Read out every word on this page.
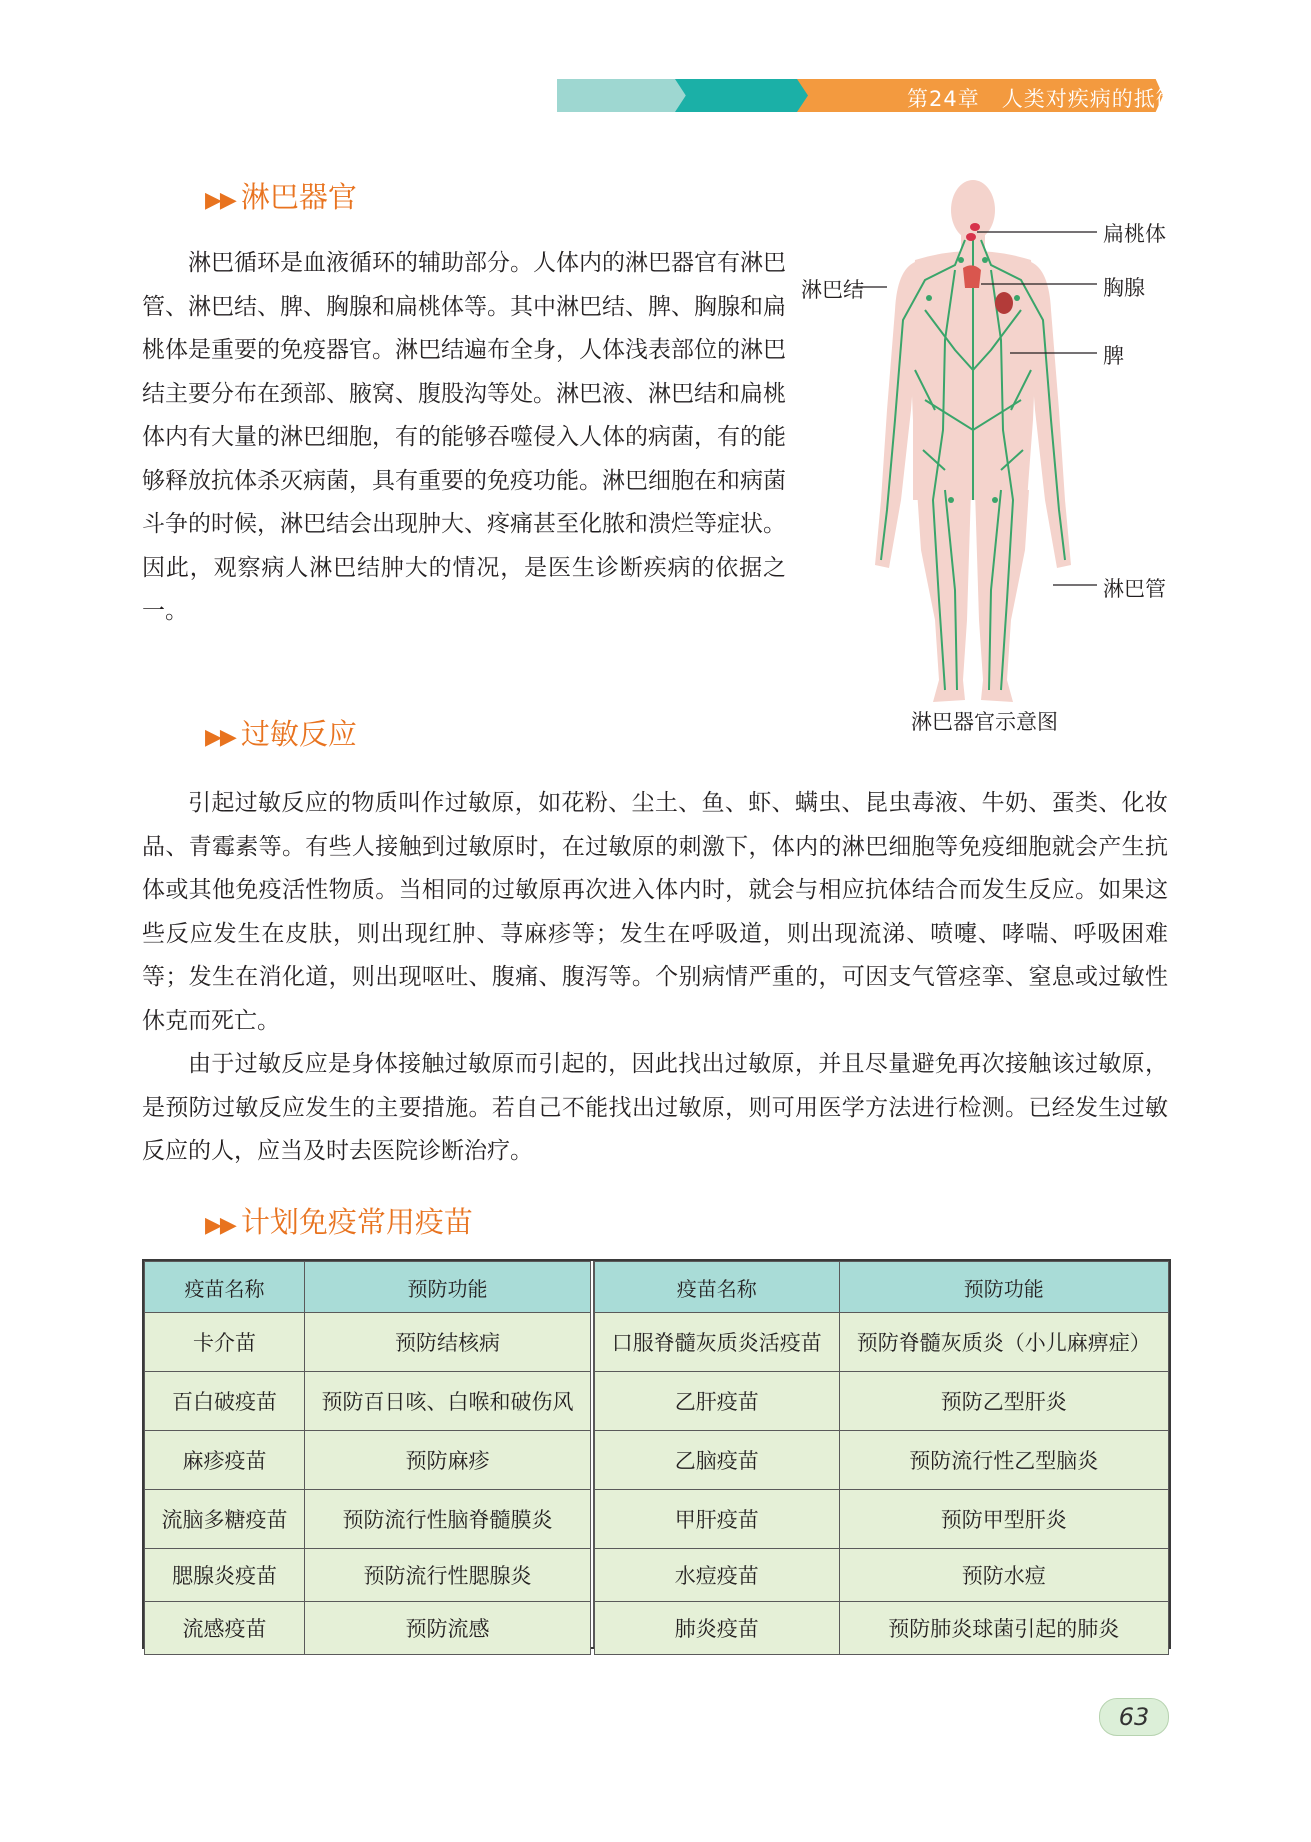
第24章　人类对疾病的抵御
▶▶ 淋巴器官

淋巴循环是血液循环的辅助部分。人体内的淋巴器官有淋巴管、淋巴结、脾、胸腺和扁桃体等。其中淋巴结、脾、胸腺和扁桃体是重要的免疫器官。淋巴结遍布全身，人体浅表部位的淋巴结主要分布在颈部、腋窝、腹股沟等处。淋巴液、淋巴结和扁桃体内有大量的淋巴细胞，有的能够吞噬侵入人体的病菌，有的能够释放抗体杀灭病菌，具有重要的免疫功能。淋巴细胞在和病菌斗争的时候，淋巴结会出现肿大、疼痛甚至化脓和溃烂等症状。因此，观察病人淋巴结肿大的情况，是医生诊断疾病的依据之一。

扁桃体
淋巴结	胸腺
脾
淋巴管
淋巴器官示意图
▶▶ 过敏反应

引起过敏反应的物质叫作过敏原，如花粉、尘土、鱼、虾、螨虫、昆虫毒液、牛奶、蛋类、化妆品、青霉素等。有些人接触到过敏原时，在过敏原的刺激下，体内的淋巴细胞等免疫细胞就会产生抗体或其他免疫活性物质。当相同的过敏原再次进入体内时，就会与相应抗体结合而发生反应。如果这些反应发生在皮肤，则出现红肿、荨麻疹等；发生在呼吸道，则出现流涕、喷嚏、哮喘、呼吸困难等；发生在消化道，则出现呕吐、腹痛、腹泻等。个别病情严重的，可因支气管痉挛、窒息或过敏性休克而死亡。

由于过敏反应是身体接触过敏原而引起的，因此找出过敏原，并且尽量避免再次接触该过敏原，是预防过敏反应发生的主要措施。若自己不能找出过敏原，则可用医学方法进行检测。已经发生过敏反应的人，应当及时去医院诊断治疗。

▶▶ 计划免疫常用疫苗
疫苗名称	预防功能
卡介苗	预防结核病
百白破疫苗	预防百日咳、白喉和破伤风
麻疹疫苗	预防麻疹
流脑多糖疫苗	预防流行性脑脊髓膜炎
腮腺炎疫苗	预防流行性腮腺炎
流感疫苗	预防流感
疫苗名称	预防功能
口服脊髓灰质炎活疫苗	预防脊髓灰质炎（小儿麻痹症）
乙肝疫苗	预防乙型肝炎
乙脑疫苗	预防流行性乙型脑炎
甲肝疫苗	预防甲型肝炎
水痘疫苗	预防水痘
肺炎疫苗	预防肺炎球菌引起的肺炎
63
